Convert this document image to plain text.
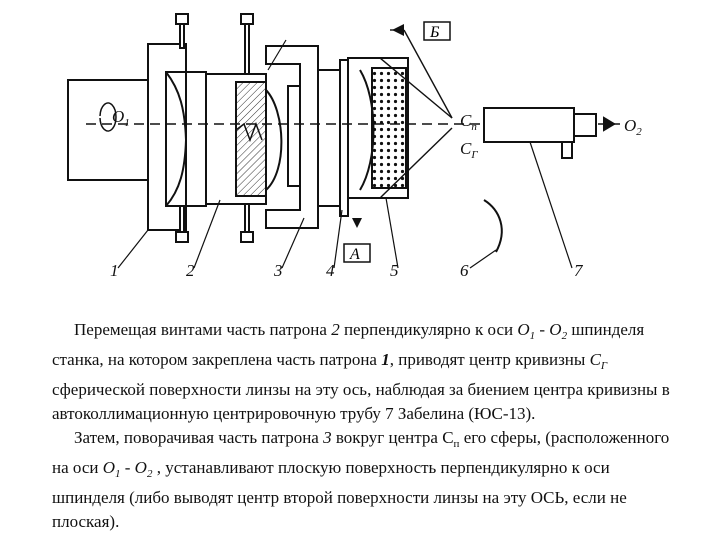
Б
А
$O_1$	$O_2$
$C_п$
$C_Г$
1	2	3	4	5	6	7

Перемещая винтами часть патрона 2 перпендикулярно к оси $O_1 - O_2$ шпинделя станка, на котором закреплена часть патрона 1, приводят центр кривизны $С_Г$ сферической поверхности линзы на эту ось, наблюдая за биением центра кривизны в автоколлимационную центрировочную трубу 7 Забелина (ЮС-13).

Затем, поворачивая часть патрона 3 вокруг центра $С_п$ его сферы, (расположенного на оси $O_1 - O_2$ , устанавливают плоскую поверхность перпендикулярно к оси шпинделя (либо выводят центр второй поверхности линзы на эту ОСЬ, если не плоская).
